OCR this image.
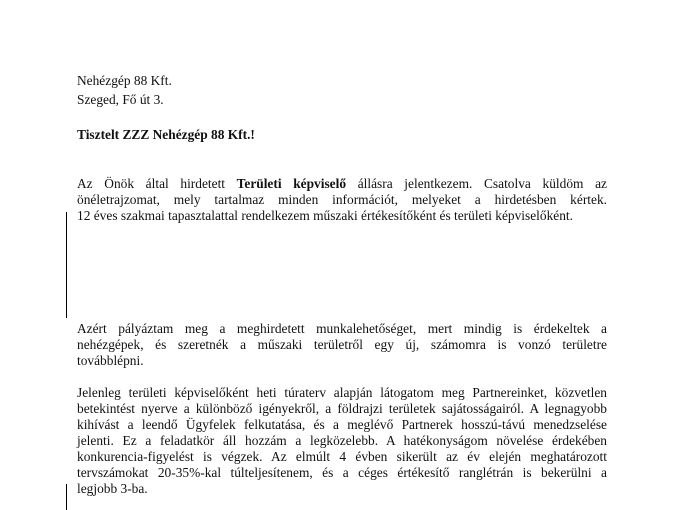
Nehézgép 88 Kft.

Szeged, Fő út 3.

Tisztelt ZZZ Nehézgép 88 Kft.!

Az Önök által hirdetett Területi képviselő állásra jelentkezem. Csatolva küldöm az

önéletrajzomat, mely tartalmaz minden információt, melyeket a hirdetésben kértek.

12 éves szakmai tapasztalattal rendelkezem műszaki értékesítőként és területi képviselőként.

Azért pályáztam meg a meghirdetett munkalehetőséget, mert mindig is érdekeltek a

nehézgépek, és szeretnék a műszaki területről egy új, számomra is vonzó területre

továbblépni.

Jelenleg területi képviselőként heti túraterv alapján látogatom meg Partnereinket, közvetlen

betekintést nyerve a különböző igényekről, a földrajzi területek sajátosságairól. A legnagyobb

kihívást a leendő Ügyfelek felkutatása, és a meglévő Partnerek hosszú-távú menedzselése

jelenti. Ez a feladatkör áll hozzám a legközelebb. A hatékonyságom növelése érdekében

konkurencia-figyelést is végzek. Az elmúlt 4 évben sikerült az év elején meghatározott

tervszámokat 20-35%-kal túlteljesítenem, és a céges értékesítő ranglétrán is bekerülni a

legjobb 3-ba.
